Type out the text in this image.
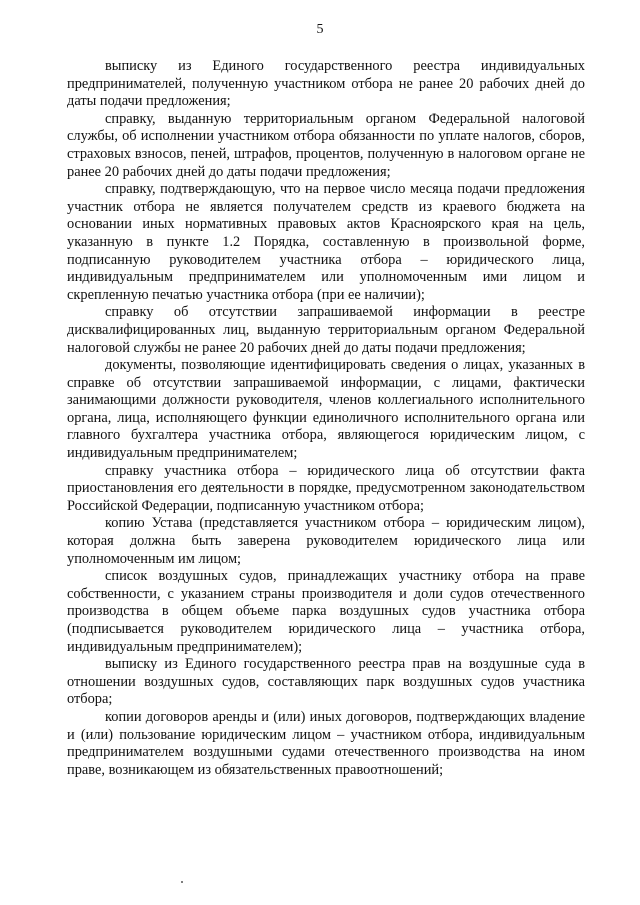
5

выписку из Единого государственного реестра индивидуальных предпринимателей, полученную участником отбора не ранее 20 рабочих дней до даты подачи предложения;

справку, выданную территориальным органом Федеральной налоговой службы, об исполнении участником отбора обязанности по уплате налогов, сборов, страховых взносов, пеней, штрафов, процентов, полученную в налоговом органе не ранее 20 рабочих дней до даты подачи предложения;

справку, подтверждающую, что на первое число месяца подачи предложения участник отбора не является получателем средств из краевого бюджета на основании иных нормативных правовых актов Красноярского края на цель, указанную в пункте 1.2 Порядка, составленную в произвольной форме, подписанную руководителем участника отбора – юридического лица, индивидуальным предпринимателем или уполномоченным ими лицом и скрепленную печатью участника отбора (при ее наличии);

справку об отсутствии запрашиваемой информации в реестре дисквалифицированных лиц, выданную территориальным органом Федеральной налоговой службы не ранее 20 рабочих дней до даты подачи предложения;

документы, позволяющие идентифицировать сведения о лицах, указанных в справке об отсутствии запрашиваемой информации, с лицами, фактически занимающими должности руководителя, членов коллегиального исполнительного органа, лица, исполняющего функции единоличного исполнительного органа или главного бухгалтера участника отбора, являющегося юридическим лицом, с индивидуальным предпринимателем;

справку участника отбора – юридического лица об отсутствии факта приостановления его деятельности в порядке, предусмотренном законодательством Российской Федерации, подписанную участником отбора;

копию Устава (представляется участником отбора – юридическим лицом), которая должна быть заверена руководителем юридического лица или уполномоченным им лицом;

список воздушных судов, принадлежащих участнику отбора на праве собственности, с указанием страны производителя и доли судов отечественного производства в общем объеме парка воздушных судов участника отбора (подписывается руководителем юридического лица – участника отбора, индивидуальным предпринимателем);

выписку из Единого государственного реестра прав на воздушные суда в отношении воздушных судов, составляющих парк воздушных судов участника отбора;

копии договоров аренды и (или) иных договоров, подтверждающих владение и (или) пользование юридическим лицом – участником отбора, индивидуальным предпринимателем воздушными судами отечественного производства на ином праве, возникающем из обязательственных правоотношений;
